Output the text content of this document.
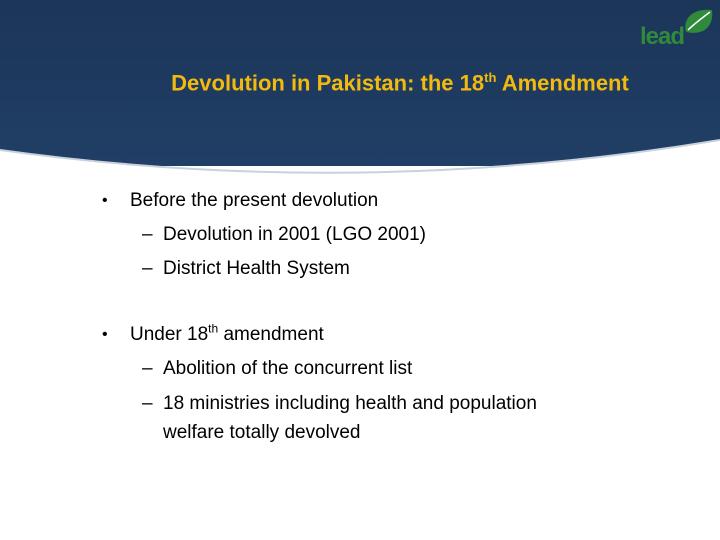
lead
Devolution in Pakistan: the 18th Amendment
• Before the present devolution
– Devolution in 2001 (LGO 2001)
– District Health System
• Under 18th amendment
– Abolition of the concurrent list
– 18 ministries including health and population
welfare totally devolved
